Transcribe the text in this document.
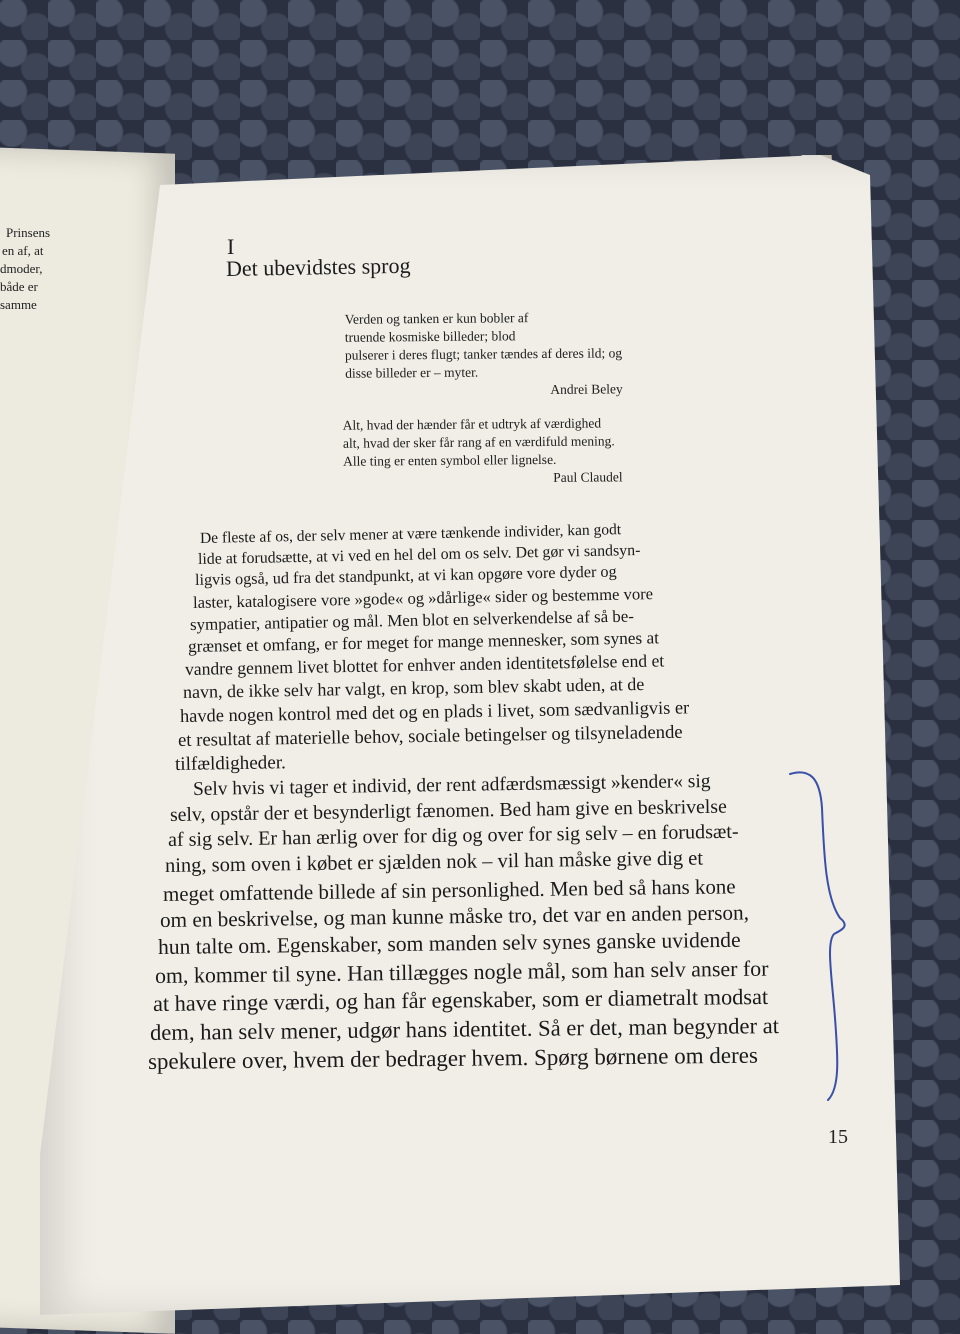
Prinsens
en af, at
dmoder,
både er
samme
I
Det ubevidstes sprog
Verden og tanken er kun bobler af
truende kosmiske billeder; blod
pulserer i deres flugt; tanker tændes af deres ild; og
disse billeder er – myter.
Andrei Beley
Alt, hvad der hænder får et udtryk af værdighed
alt, hvad der sker får rang af en værdifuld mening.
Alle ting er enten symbol eller lignelse.
Paul Claudel
De fleste af os, der selv mener at være tænkende individer, kan godt
lide at forudsætte, at vi ved en hel del om os selv. Det gør vi sandsyn-
ligvis også, ud fra det standpunkt, at vi kan opgøre vore dyder og
laster, katalogisere vore »gode« og »dårlige« sider og bestemme vore
sympatier, antipatier og mål. Men blot en selverkendelse af så be-
grænset et omfang, er for meget for mange mennesker, som synes at
vandre gennem livet blottet for enhver anden identitetsfølelse end et
navn, de ikke selv har valgt, en krop, som blev skabt uden, at de
havde nogen kontrol med det og en plads i livet, som sædvanligvis er
et resultat af materielle behov, sociale betingelser og tilsyneladende
tilfældigheder.
Selv hvis vi tager et individ, der rent adfærdsmæssigt »kender« sig
selv, opstår der et besynderligt fænomen. Bed ham give en beskrivelse
af sig selv. Er han ærlig over for dig og over for sig selv – en forudsæt-
ning, som oven i købet er sjælden nok – vil han måske give dig et
meget omfattende billede af sin personlighed. Men bed så hans kone
om en beskrivelse, og man kunne måske tro, det var en anden person,
hun talte om. Egenskaber, som manden selv synes ganske uvidende
om, kommer til syne. Han tillægges nogle mål, som han selv anser for
at have ringe værdi, og han får egenskaber, som er diametralt modsat
dem, han selv mener, udgør hans identitet. Så er det, man begynder at
spekulere over, hvem der bedrager hvem. Spørg børnene om deres
15
